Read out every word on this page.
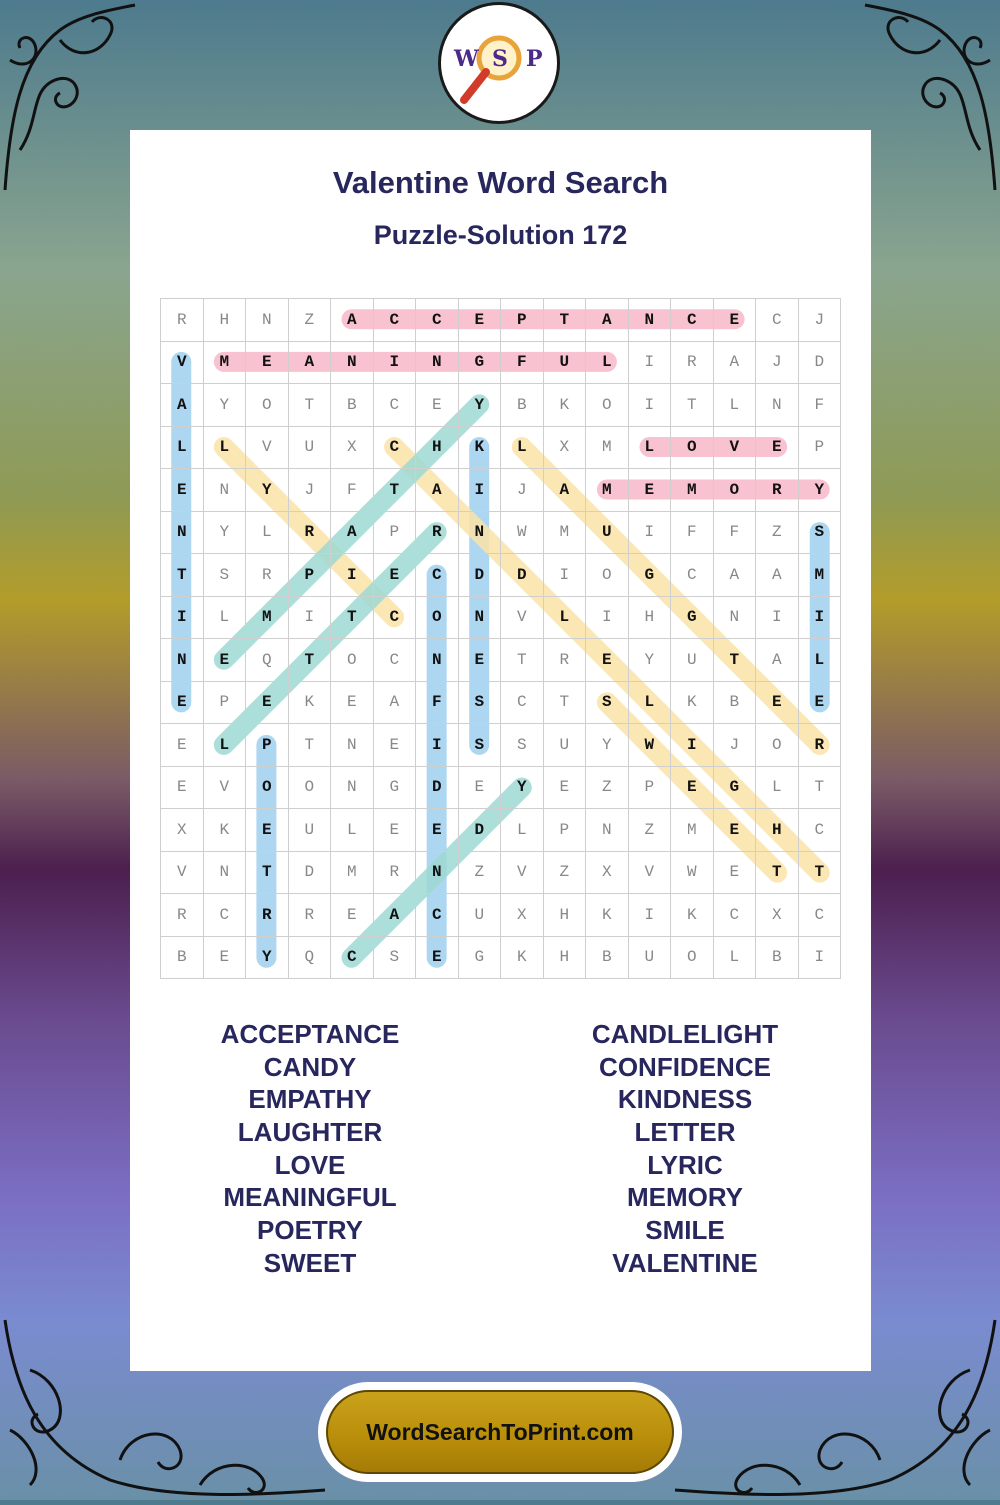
W S P
Valentine Word Search
Puzzle-Solution 172
R	H	N	Z	A	C	C	E	P	T	A	N	C	E	C	J
V	M	E	A	N	I	N	G	F	U	L	I	R	A	J	D
A	Y	O	T	B	C	E	Y	B	K	O	I	T	L	N	F
L	L	V	U	X	C	H	K	L	X	M	L	O	V	E	P
E	N	Y	J	F	T	A	I	J	A	M	E	M	O	R	Y
N	Y	L	R	A	P	R	N	W	M	U	I	F	F	Z	S
T	S	R	P	I	E	C	D	D	I	O	G	C	A	A	M
I	L	M	I	T	C	O	N	V	L	I	H	G	N	I	I
N	E	Q	T	O	C	N	E	T	R	E	Y	U	T	A	L
E	P	E	K	E	A	F	S	C	T	S	L	K	B	E	E
E	L	P	T	N	E	I	S	S	U	Y	W	I	J	O	R
E	V	O	O	N	G	D	E	Y	E	Z	P	E	G	L	T
X	K	E	U	L	E	E	D	L	P	N	Z	M	E	H	C
V	N	T	D	M	R	N	Z	V	Z	X	V	W	E	T	T
R	C	R	R	E	A	C	U	X	H	K	I	K	C	X	C
B	E	Y	Q	C	S	E	G	K	H	B	U	O	L	B	I
ACCEPTANCE
CANDY
EMPATHY
LAUGHTER
LOVE
MEANINGFUL
POETRY
SWEET
CANDLELIGHT
CONFIDENCE
KINDNESS
LETTER
LYRIC
MEMORY
SMILE
VALENTINE
WordSearchToPrint.com
